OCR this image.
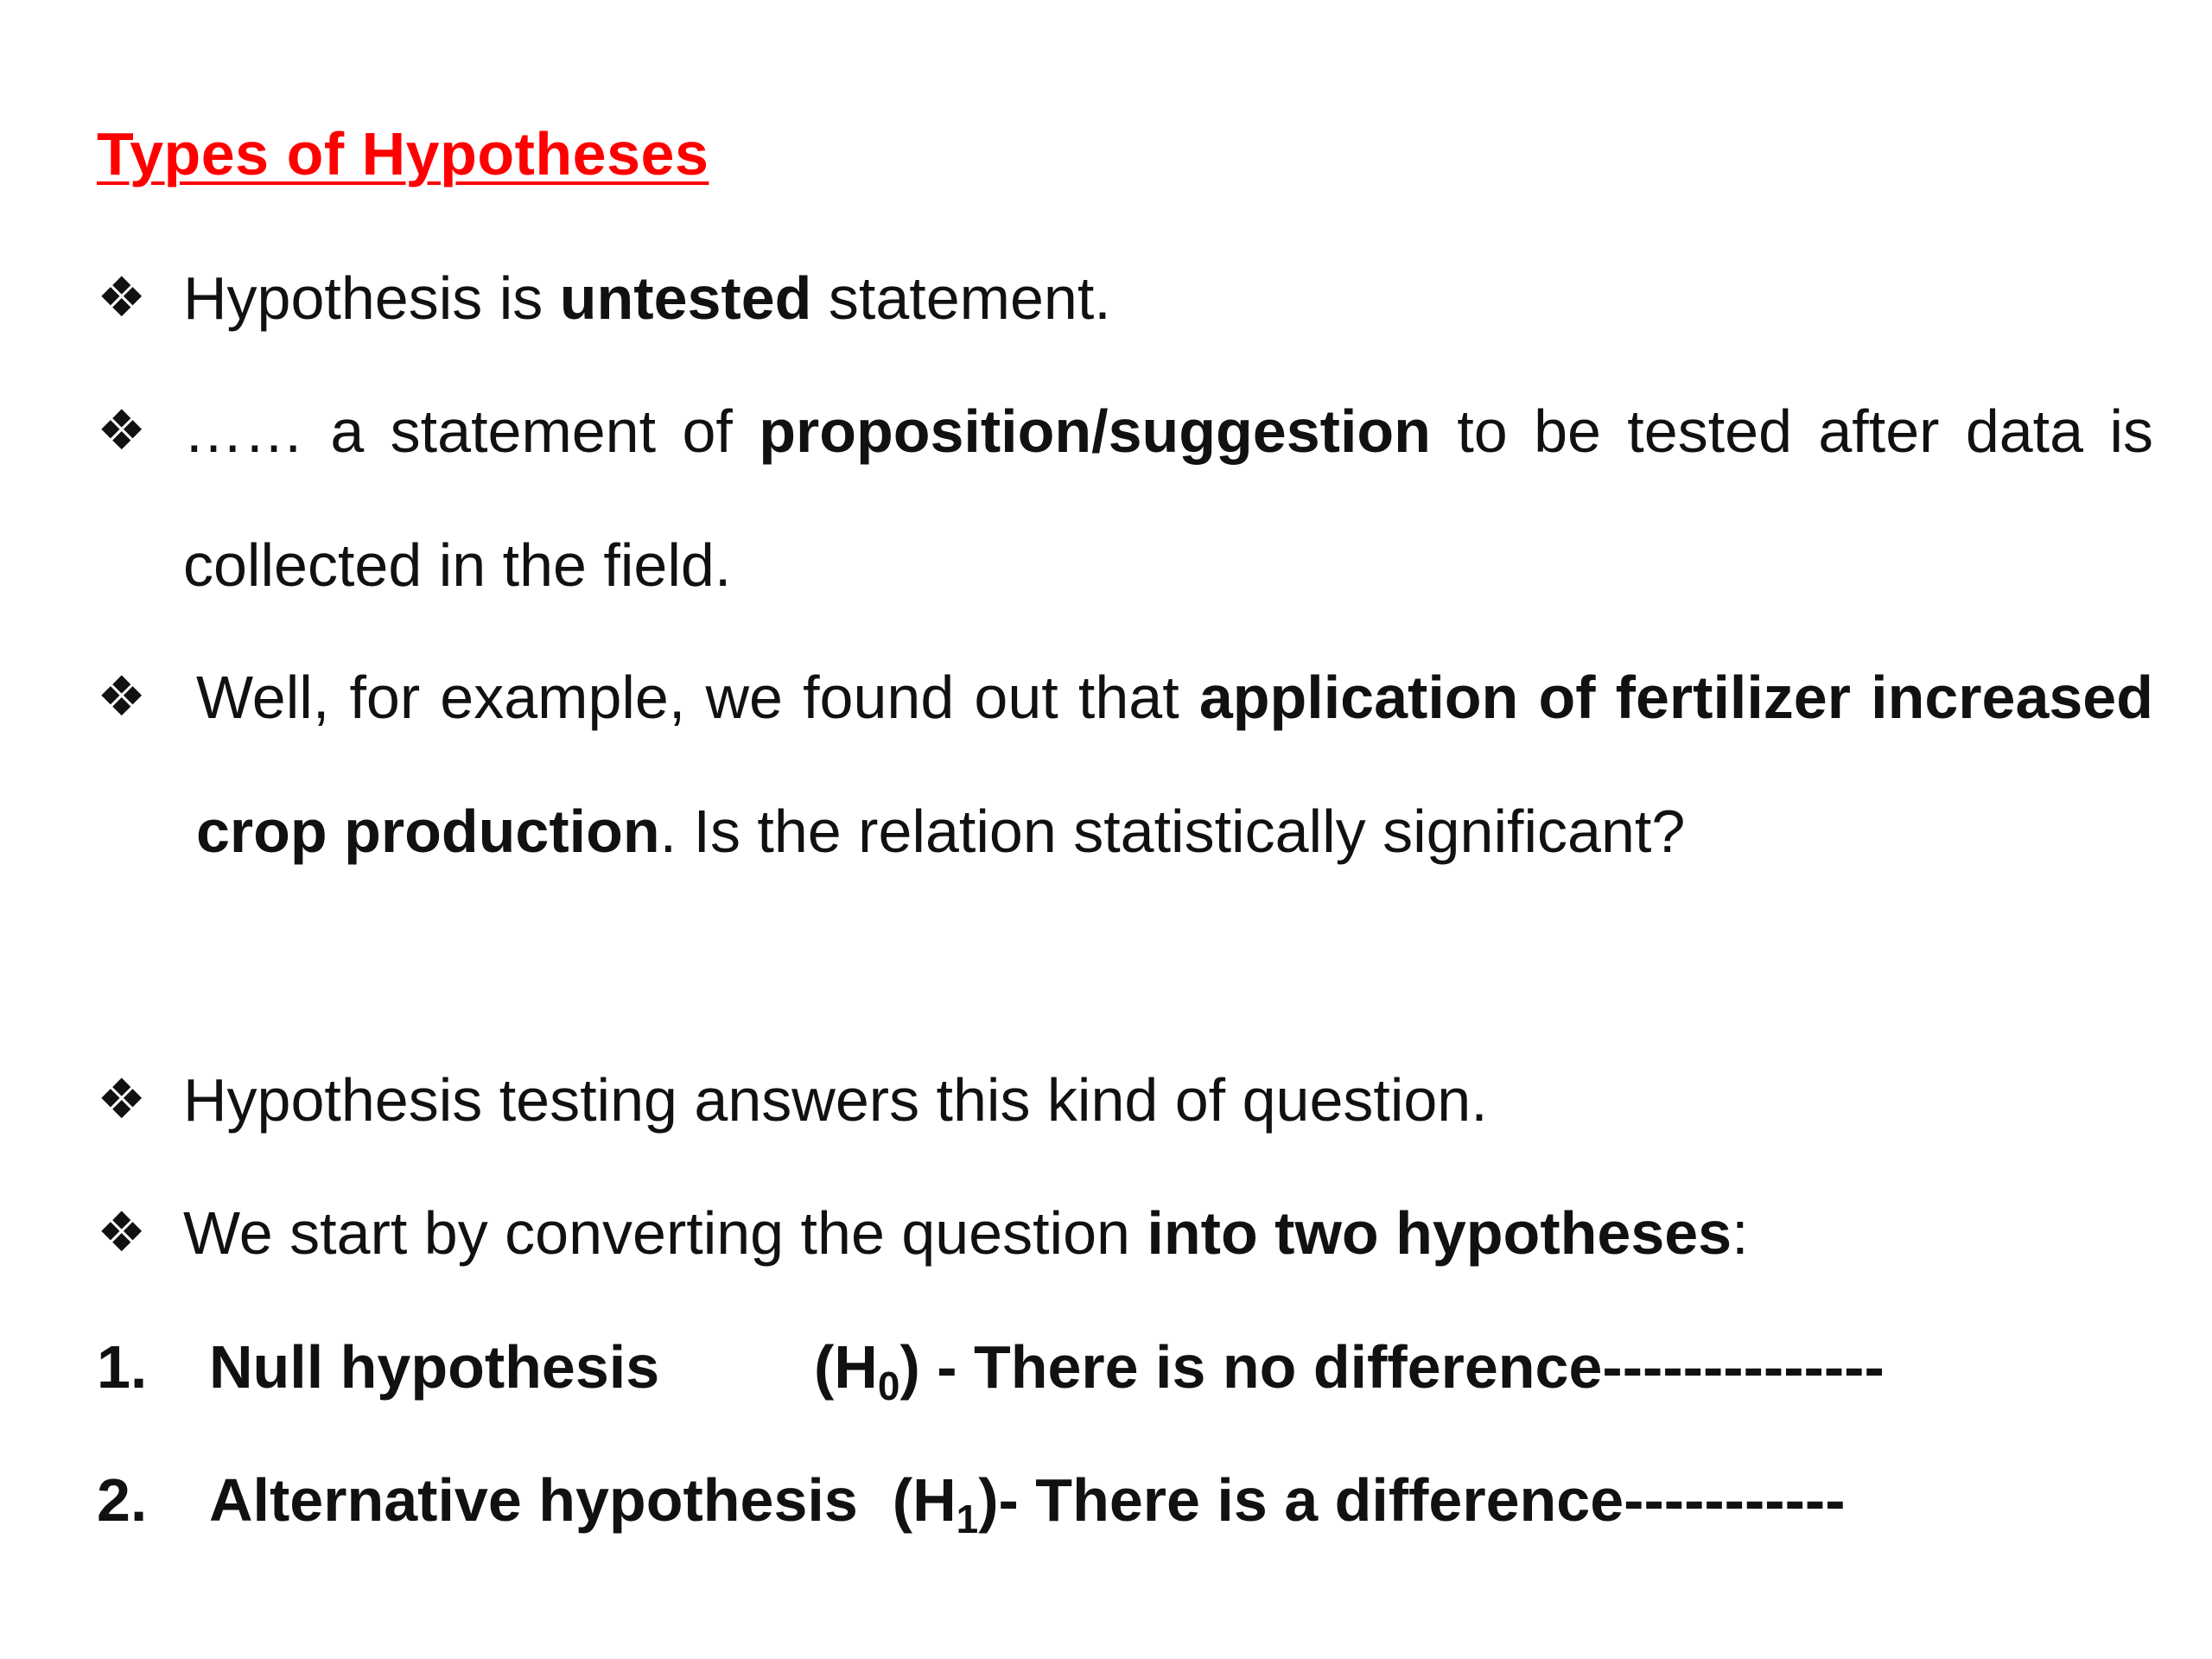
Types of Hypotheses
❖ Hypothesis is untested statement.
❖ …… a statement of proposition/suggestion to be tested after data is collected in the field.
❖ Well, for example, we found out that application of fertilizer increased crop production. Is the relation statistically significant?
❖ Hypothesis testing answers this kind of question.
❖ We start by converting the question into two hypotheses:
1. Null hypothesis	$(H_0)$ - There is no difference--------------
2. Alternative hypothesis $(H_1)-$ There is a difference-----------
